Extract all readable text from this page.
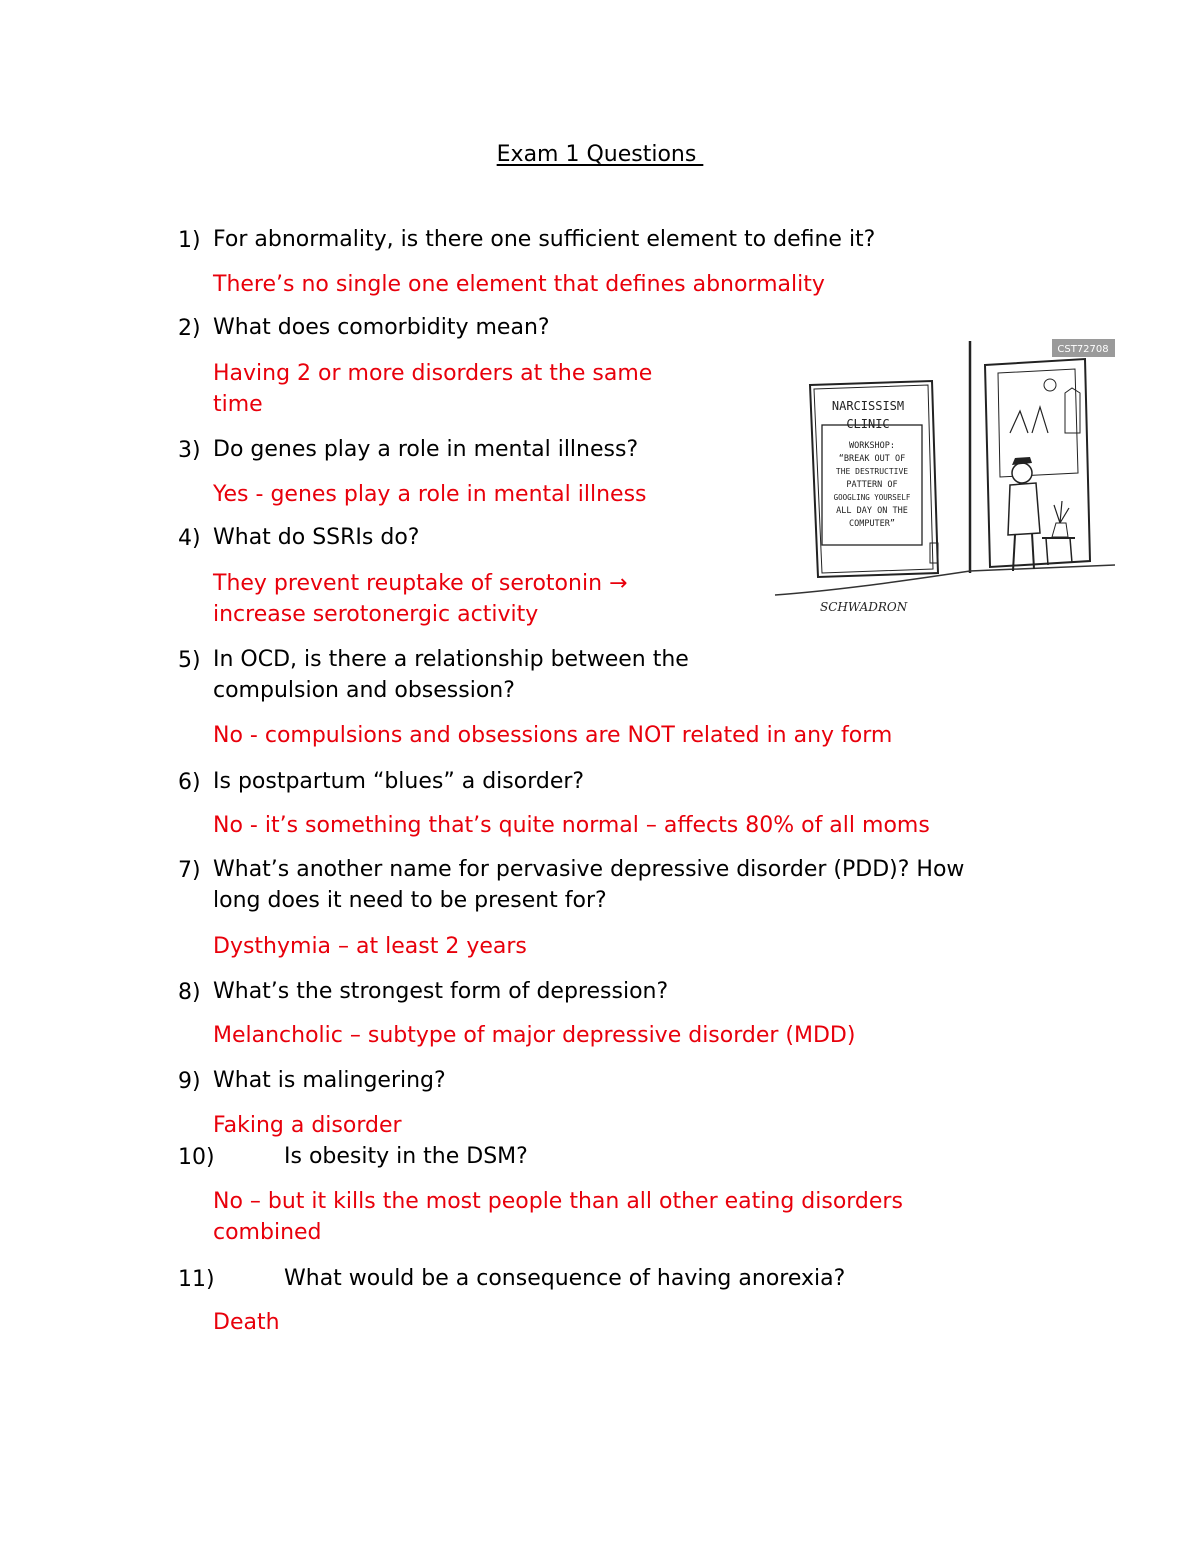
Exam 1 Questions
1) For abnormality, is there one sufficient element to define it?
There’s no single one element that defines abnormality
2) What does comorbidity mean?
Having 2 or more disorders at the same
time
3) Do genes play a role in mental illness?
Yes - genes play a role in mental illness
4) What do SSRIs do?
They prevent reuptake of serotonin →
increase serotonergic activity
5) In OCD, is there a relationship between the
compulsion and obsession?
No - compulsions and obsessions are NOT related in any form
6) Is postpartum “blues” a disorder?
No - it’s something that’s quite normal – affects 80% of all moms
7) What’s another name for pervasive depressive disorder (PDD)? How
long does it need to be present for?
Dysthymia – at least 2 years
8) What’s the strongest form of depression?
Melancholic – subtype of major depressive disorder (MDD)
9) What is malingering?
Faking a disorder
10)	Is obesity in the DSM?
No – but it kills the most people than all other eating disorders
combined
11)	What would be a consequence of having anorexia?
Death
NARCISSISM
CLINIC
WORKSHOP:
“BREAK OUT OF
THE DESTRUCTIVE
PATTERN OF
GOOGLING YOURSELF
ALL DAY ON THE
COMPUTER”
CST72708
SCHWADRON
